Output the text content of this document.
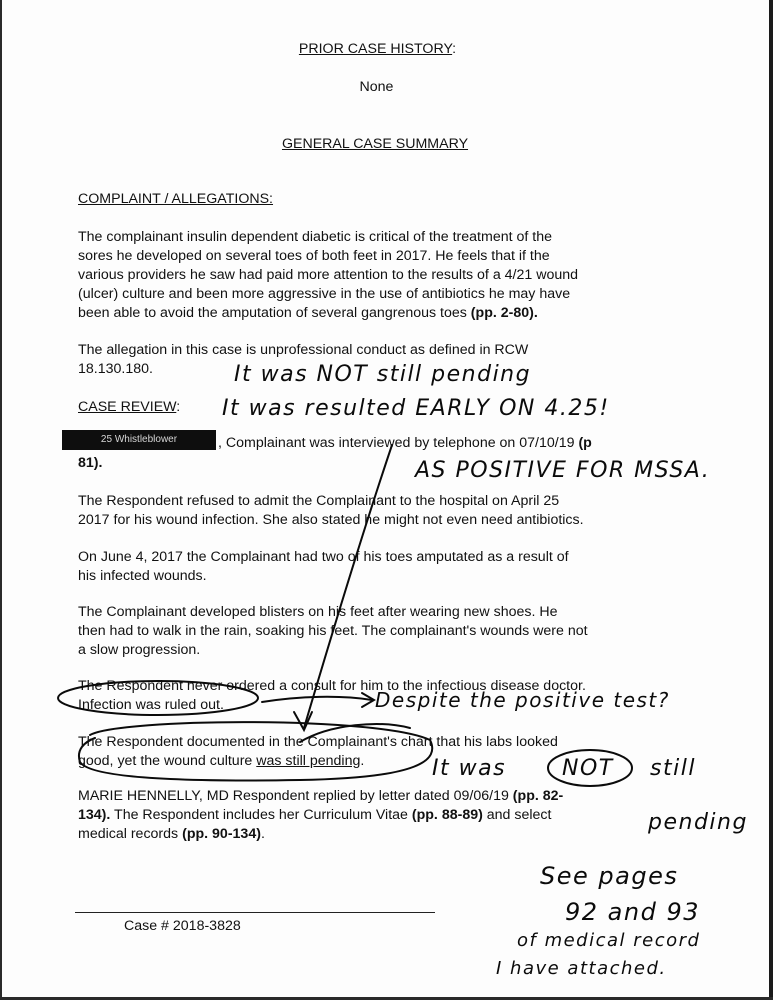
PRIOR CASE HISTORY:
None
GENERAL CASE SUMMARY
COMPLAINT / ALLEGATIONS:
The complainant insulin dependent diabetic is critical of the treatment of the
sores he developed on several toes of both feet in 2017. He feels that if the
various providers he saw had paid more attention to the results of a 4/21 wound
(ulcer) culture and been more aggressive in the use of antibiotics he may have
been able to avoid the amputation of several gangrenous toes (pp. 2-80).
The allegation in this case is unprofessional conduct as defined in RCW
18.130.180.
CASE REVIEW:
25 Whistleblower	, Complainant was interviewed by telephone on 07/10/19 (p
81).
The Respondent refused to admit the Complainant to the hospital on April 25
2017 for his wound infection. She also stated he might not even need antibiotics.
On June 4, 2017 the Complainant had two of his toes amputated as a result of
his infected wounds.
The Complainant developed blisters on his feet after wearing new shoes. He
then had to walk in the rain, soaking his feet. The complainant's wounds were not
a slow progression.
The Respondent never ordered a consult for him to the infectious disease doctor.
Infection was ruled out.
The Respondent documented in the Complainant's chart that his labs looked
good, yet the wound culture was still pending.
MARIE HENNELLY, MD Respondent replied by letter dated 09/06/19 (pp. 82-
134). The Respondent includes her Curriculum Vitae (pp. 88-89) and select
medical records (pp. 90-134).
Case # 2018-3828
It was NOT still pending
It was resulted EARLY ON 4.25!
AS POSITIVE FOR MSSA.
Despite the positive test?
It was	NOT still
pending
See pages
92 and 93
of medical record
I have attached.
